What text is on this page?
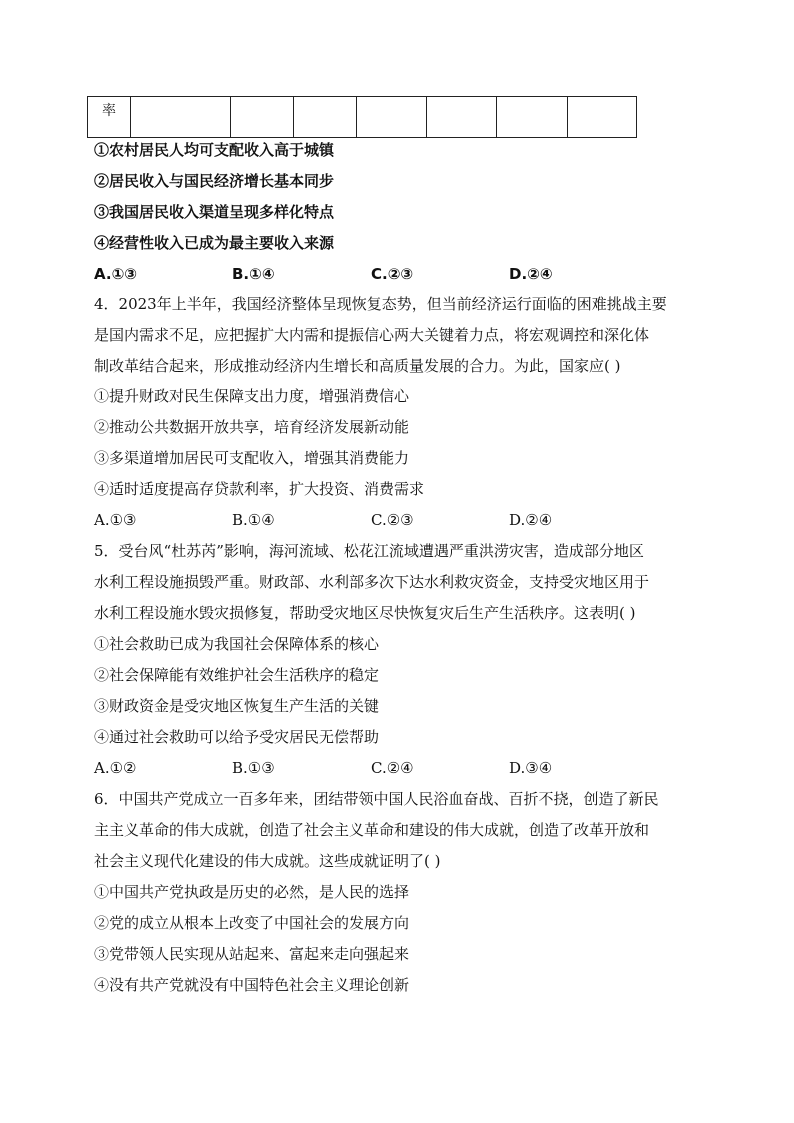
率							
①农村居民人均可支配收入高于城镇
②居民收入与国民经济增长基本同步
③我国居民收入渠道呈现多样化特点
④经营性收入已成为最主要收入来源
A.①③	B.①④	C.②③	D.②④
4．2023年上半年，我国经济整体呈现恢复态势，但当前经济运行面临的困难挑战主要
是国内需求不足，应把握扩大内需和提振信心两大关键着力点，将宏观调控和深化体
制改革结合起来，形成推动经济内生增长和高质量发展的合力。为此，国家应( )
①提升财政对民生保障支出力度，增强消费信心
②推动公共数据开放共享，培育经济发展新动能
③多渠道增加居民可支配收入，增强其消费能力
④适时适度提高存贷款利率，扩大投资、消费需求
A.①③	B.①④	C.②③	D.②④
5．受台风“杜苏芮”影响，海河流域、松花江流域遭遇严重洪涝灾害，造成部分地区
水利工程设施损毁严重。财政部、水利部多次下达水利救灾资金，支持受灾地区用于
水利工程设施水毁灾损修复，帮助受灾地区尽快恢复灾后生产生活秩序。这表明( )
①社会救助已成为我国社会保障体系的核心
②社会保障能有效维护社会生活秩序的稳定
③财政资金是受灾地区恢复生产生活的关键
④通过社会救助可以给予受灾居民无偿帮助
A.①②	B.①③	C.②④	D.③④
6．中国共产党成立一百多年来，团结带领中国人民浴血奋战、百折不挠，创造了新民
主主义革命的伟大成就，创造了社会主义革命和建设的伟大成就，创造了改革开放和
社会主义现代化建设的伟大成就。这些成就证明了( )
①中国共产党执政是历史的必然，是人民的选择
②党的成立从根本上改变了中国社会的发展方向
③党带领人民实现从站起来、富起来走向强起来
④没有共产党就没有中国特色社会主义理论创新
